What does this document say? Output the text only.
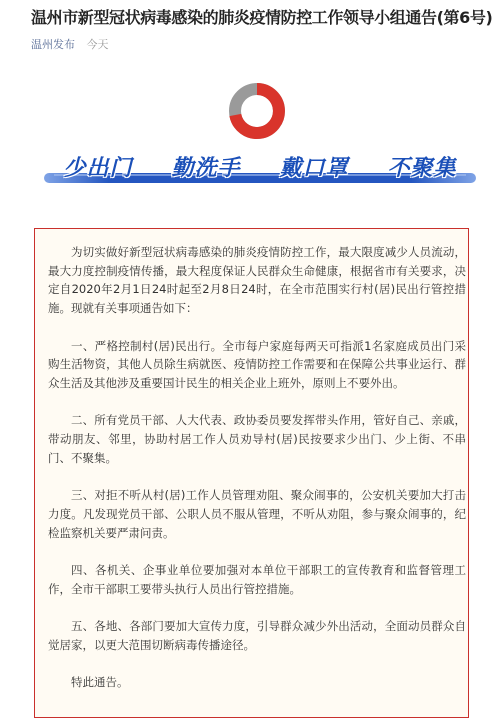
温州市新型冠状病毒感染的肺炎疫情防控工作领导小组通告(第6号)
温州发布 今天
少出门 勤洗手 戴口罩 不聚集

为切实做好新型冠状病毒感染的肺炎疫情防控工作，最大限度减少人员流动，最大力度控制疫情传播，最大程度保证人民群众生命健康，根据省市有关要求，决定自2020年2月1日24时起至2月8日24时，在全市范围实行村(居)民出行管控措施。现就有关事项通告如下：

一、严格控制村(居)民出行。全市每户家庭每两天可指派1名家庭成员出门采购生活物资，其他人员除生病就医、疫情防控工作需要和在保障公共事业运行、群众生活及其他涉及重要国计民生的相关企业上班外，原则上不要外出。

二、所有党员干部、人大代表、政协委员要发挥带头作用，管好自己、亲戚，带动朋友、邻里，协助村居工作人员劝导村(居)民按要求少出门、少上街、不串门、不聚集。

三、对拒不听从村(居)工作人员管理劝阻、聚众闹事的，公安机关要加大打击力度。凡发现党员干部、公职人员不服从管理，不听从劝阻，参与聚众闹事的，纪检监察机关要严肃问责。

四、各机关、企事业单位要加强对本单位干部职工的宣传教育和监督管理工作，全市干部职工要带头执行人员出行管控措施。

五、各地、各部门要加大宣传力度，引导群众减少外出活动，全面动员群众自觉居家，以更大范围切断病毒传播途径。

特此通告。
